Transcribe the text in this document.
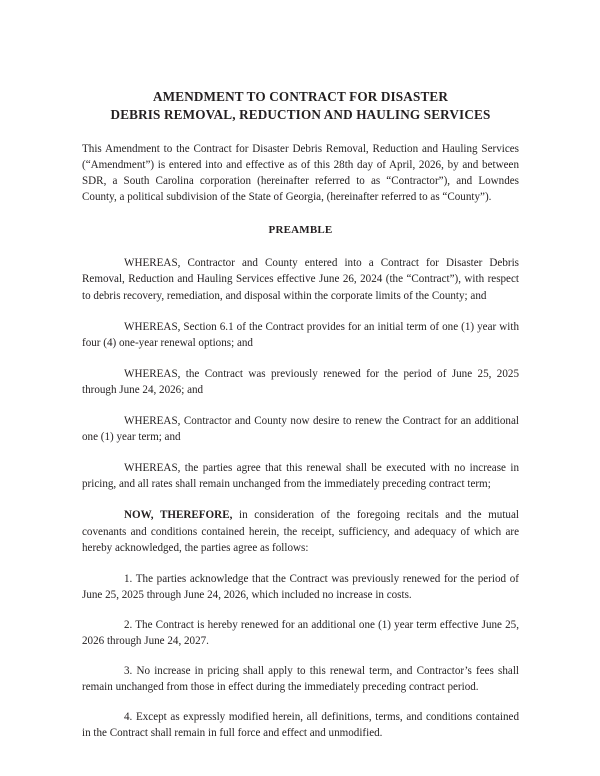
AMENDMENT TO CONTRACT FOR DISASTER
DEBRIS REMOVAL, REDUCTION AND HAULING SERVICES

This Amendment to the Contract for Disaster Debris Removal, Reduction and Hauling Services (“Amendment”) is entered into and effective as of this 28th day of April, 2026, by and between SDR, a South Carolina corporation (hereinafter referred to as “Contractor”), and Lowndes County, a political subdivision of the State of Georgia, (hereinafter referred to as “County”).

PREAMBLE

WHEREAS, Contractor and County entered into a Contract for Disaster Debris Removal, Reduction and Hauling Services effective June 26, 2024 (the “Contract”), with respect to debris recovery, remediation, and disposal within the corporate limits of the County; and

WHEREAS, Section 6.1 of the Contract provides for an initial term of one (1) year with four (4) one-year renewal options; and

WHEREAS, the Contract was previously renewed for the period of June 25, 2025 through June 24, 2026; and

WHEREAS, Contractor and County now desire to renew the Contract for an additional one (1) year term; and

WHEREAS, the parties agree that this renewal shall be executed with no increase in pricing, and all rates shall remain unchanged from the immediately preceding contract term;

NOW, THEREFORE, in consideration of the foregoing recitals and the mutual covenants and conditions contained herein, the receipt, sufficiency, and adequacy of which are hereby acknowledged, the parties agree as follows:

1. The parties acknowledge that the Contract was previously renewed for the period of June 25, 2025 through June 24, 2026, which included no increase in costs.

2. The Contract is hereby renewed for an additional one (1) year term effective June 25, 2026 through June 24, 2027.

3. No increase in pricing shall apply to this renewal term, and Contractor’s fees shall remain unchanged from those in effect during the immediately preceding contract period.

4. Except as expressly modified herein, all definitions, terms, and conditions contained in the Contract shall remain in full force and effect and unmodified.
